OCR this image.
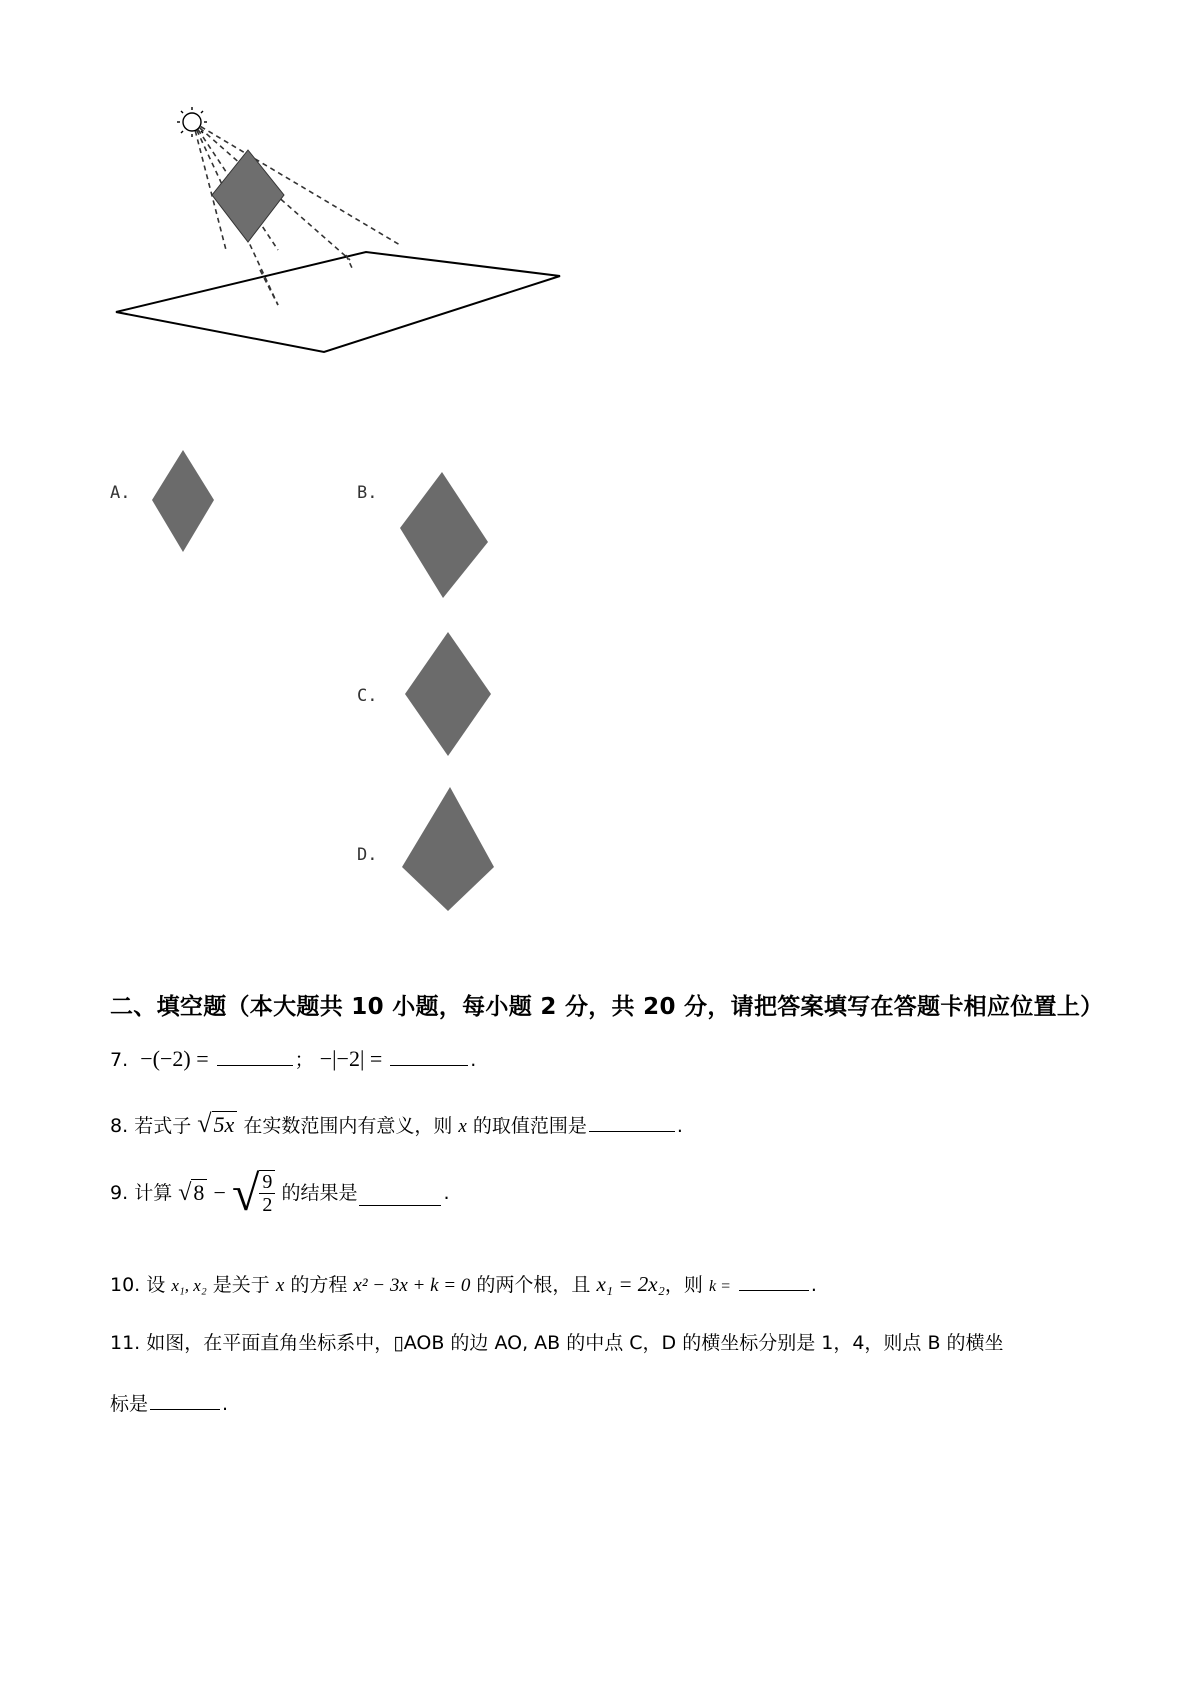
A.	B.
C.
D.
二、填空题（本大题共 10 小题，每小题 2 分，共 20 分，请把答案填写在答题卡相应位置上）
7. −(−2) =	； −|−2| =	.
8. 若式子 √5x 在实数范围内有意义，则 x 的取值范围是	.
9.
计算
√8
−
√ $\frac{9}{2}$
的结果是	.
10. 设 x₁, x₂ 是关于 x 的方程 x² − 3x + k = 0 的两个根，且 x₁ = 2x₂，则 k =	.
11. 如图，在平面直角坐标系中，▯AOB 的边 AO, AB 的中点 C，D 的横坐标分别是 1，4，则点 B 的横坐
标是	.
